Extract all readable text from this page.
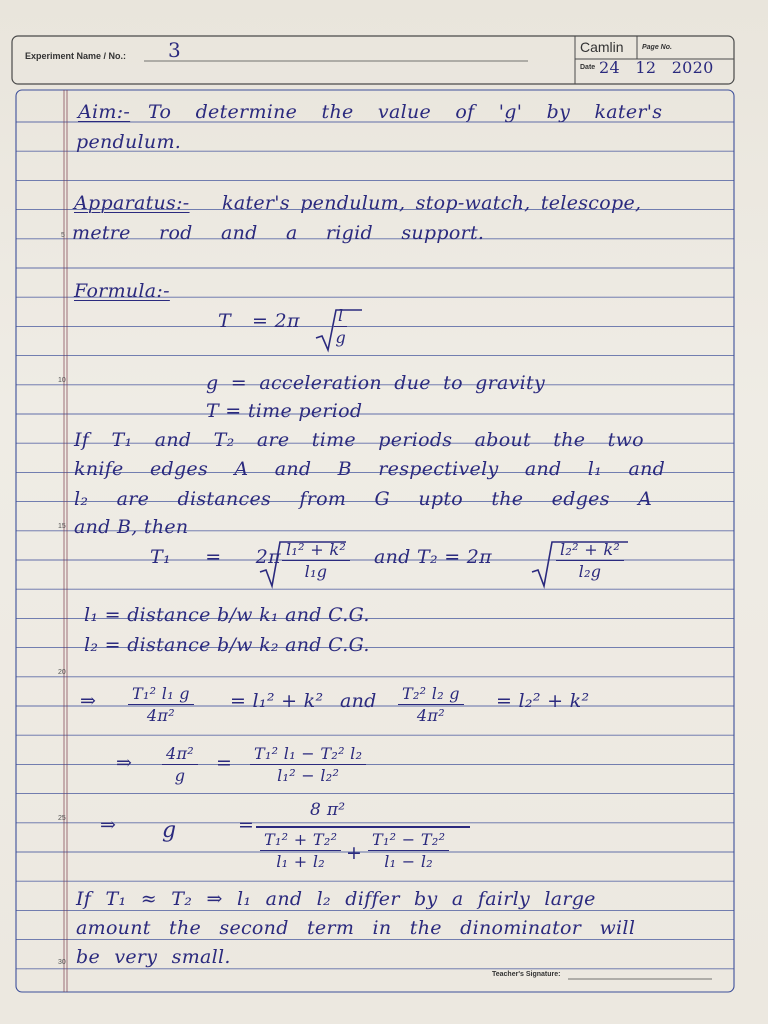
Experiment Name / No.: 3	Camlin	Page No.
Date 24 12 2020
5
10
15
20
25
30
Aim:- To determine the value of 'g' by kater's
pendulum.
Apparatus:- kater's pendulum, stop-watch, telescope,
metre rod and a rigid support.
Formula:-
$T = 2\pi \frac{l}{g}$
g = acceleration due to gravity
T = time period
If T₁ and T₂ are time periods about the two
knife edges A and B respectively and l₁ and
l₂ are distances from G upto the edges A
and B, then
$T_1 = 2\pi \frac{\text{l₁² + k²}}{\text{l₁g}}$ and T₂ = 2π	$\frac{\text{l₂² + k²}}{\text{l₂g}}$
l₁ = distance b/w k₁ and C.G.
l₂ = distance b/w k₂ and C.G.
⇒ $\frac{\text{T₁² l₁ g}}{\text{4π²}} = l_1^2 + k^2$ and $\frac{\text{T₂² l₂ g}}{\text{4π²}} = l_2^2 + k^2$
⇒ $\frac{\text{4π²}}{g} = \frac{\text{T₁² l₁ − T₂² l₂}}{\text{l₁² − l₂²}}$
⇒ g	=
8 π²
$\frac{\text{T₁² + T₂²}}{\text{l₁ + l₂}} + \frac{\text{T₁² − T₂²}}{\text{l₁ − l₂}}$
If T₁ ≈ T₂ ⇒ l₁ and l₂ differ by a fairly large
amount the second term in the dinominator will
be very small.
Teacher's Signature:
